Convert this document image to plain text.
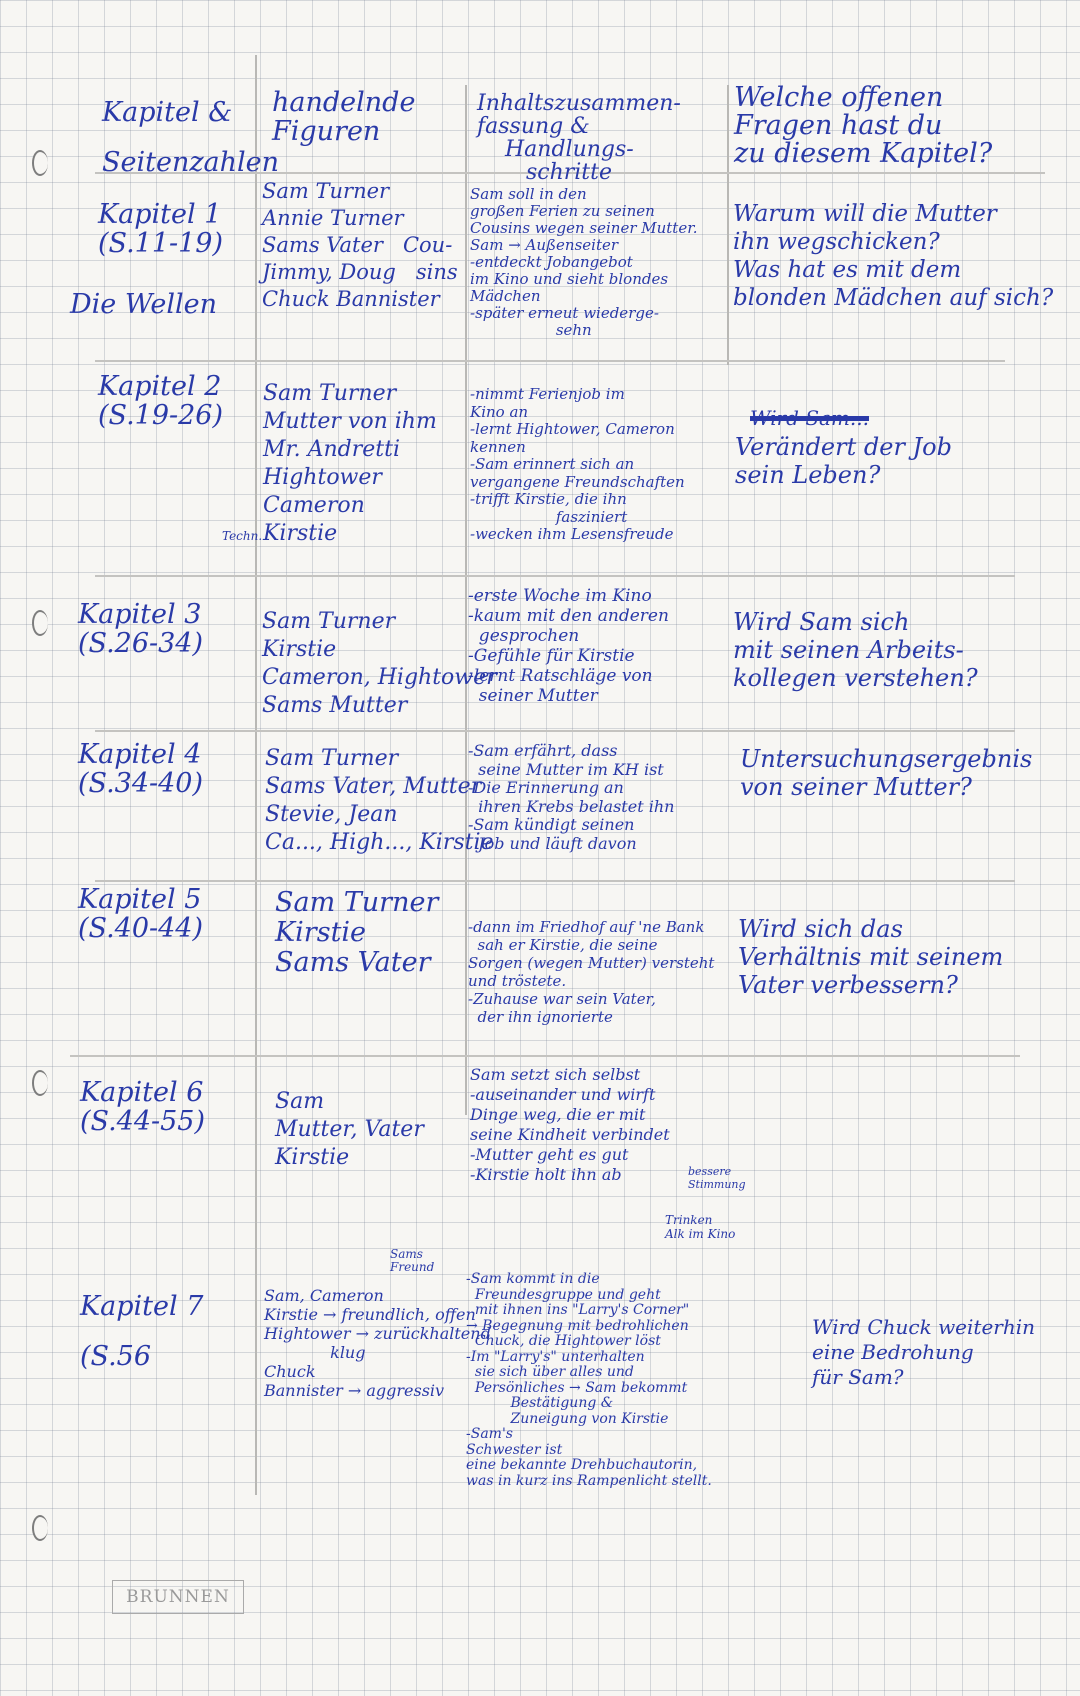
Kapitel &
Seitenzahlen
handelnde
Figuren
Inhaltszusammen-
fassung &
Handlungs-
schritte
Welche offenen
Fragen hast du
zu diesem Kapitel?
Kapitel 1
(S.11-19)
Die Wellen
Sam Turner
Annie Turner
Sams Vater   Cou-
Jimmy, Doug   sins
Chuck Bannister
Sam soll in den
großen Ferien zu seinen
Cousins wegen seiner Mutter.
Sam → Außenseiter
-entdeckt Jobangebot
im Kino und sieht blondes
Mädchen
-später erneut wiederge-
sehn
Warum will die Mutter
ihn wegschicken?
Was hat es mit dem
blonden Mädchen auf sich?
Kapitel 2
(S.19-26)
Sam Turner
Mutter von ihm
Mr. Andretti
Hightower
Cameron
Kirstie
Techn.
-nimmt Ferienjob im
Kino an
-lernt Hightower, Cameron
kennen
-Sam erinnert sich an
vergangene Freundschaften
-trifft Kirstie, die ihn
fasziniert
-wecken ihm Lesensfreude
Wird Sam...
Verändert der Job
sein Leben?
Kapitel 3
(S.26-34)
Sam Turner
Kirstie
Cameron, Hightower
Sams Mutter
-erste Woche im Kino
-kaum mit den anderen
gesprochen
-Gefühle für Kirstie
-lernt Ratschläge von
seiner Mutter
Wird Sam sich
mit seinen Arbeits-
kollegen verstehen?
Kapitel 4
(S.34-40)
Sam Turner
Sams Vater, Mutter
Stevie, Jean
Ca..., High..., Kirstie
-Sam erfährt, dass
seine Mutter im KH ist
-Die Erinnerung an
ihren Krebs belastet ihn
-Sam kündigt seinen
Job und läuft davon
Untersuchungsergebnis
von seiner Mutter?
Kapitel 5
(S.40-44)
Sam Turner
Kirstie
Sams Vater
-dann im Friedhof auf 'ne Bank
sah er Kirstie, die seine
Sorgen (wegen Mutter) versteht
und tröstete.
-Zuhause war sein Vater,
der ihn ignorierte
Wird sich das
Verhältnis mit seinem
Vater verbessern?
Kapitel 6
(S.44-55)
Sam
Mutter, Vater
Kirstie
Sam setzt sich selbst
-auseinander und wirft
Dinge weg, die er mit
seine Kindheit verbindet
-Mutter geht es gut
-Kirstie holt ihn ab	bessere
Stimmung
Trinken
Alk im Kino
Kapitel 7
(S.56
Sams
Freund
Sam, Cameron
Kirstie → freundlich, offen
Hightower → zurückhaltend
klug
Chuck
Bannister → aggressiv
-Sam kommt in die
Freundesgruppe und geht
mit ihnen ins "Larry's Corner"
→ Begegnung mit bedrohlichen
Chuck, die Hightower löst
-Im "Larry's" unterhalten
sie sich über alles und
Persönliches → Sam bekommt
Bestätigung &
Zuneigung von Kirstie
-Sam's
Schwester ist
eine bekannte Drehbuchautorin,
was in kurz ins Rampenlicht stellt.
Wird Chuck weiterhin
eine Bedrohung
für Sam?
BRUNNEN
